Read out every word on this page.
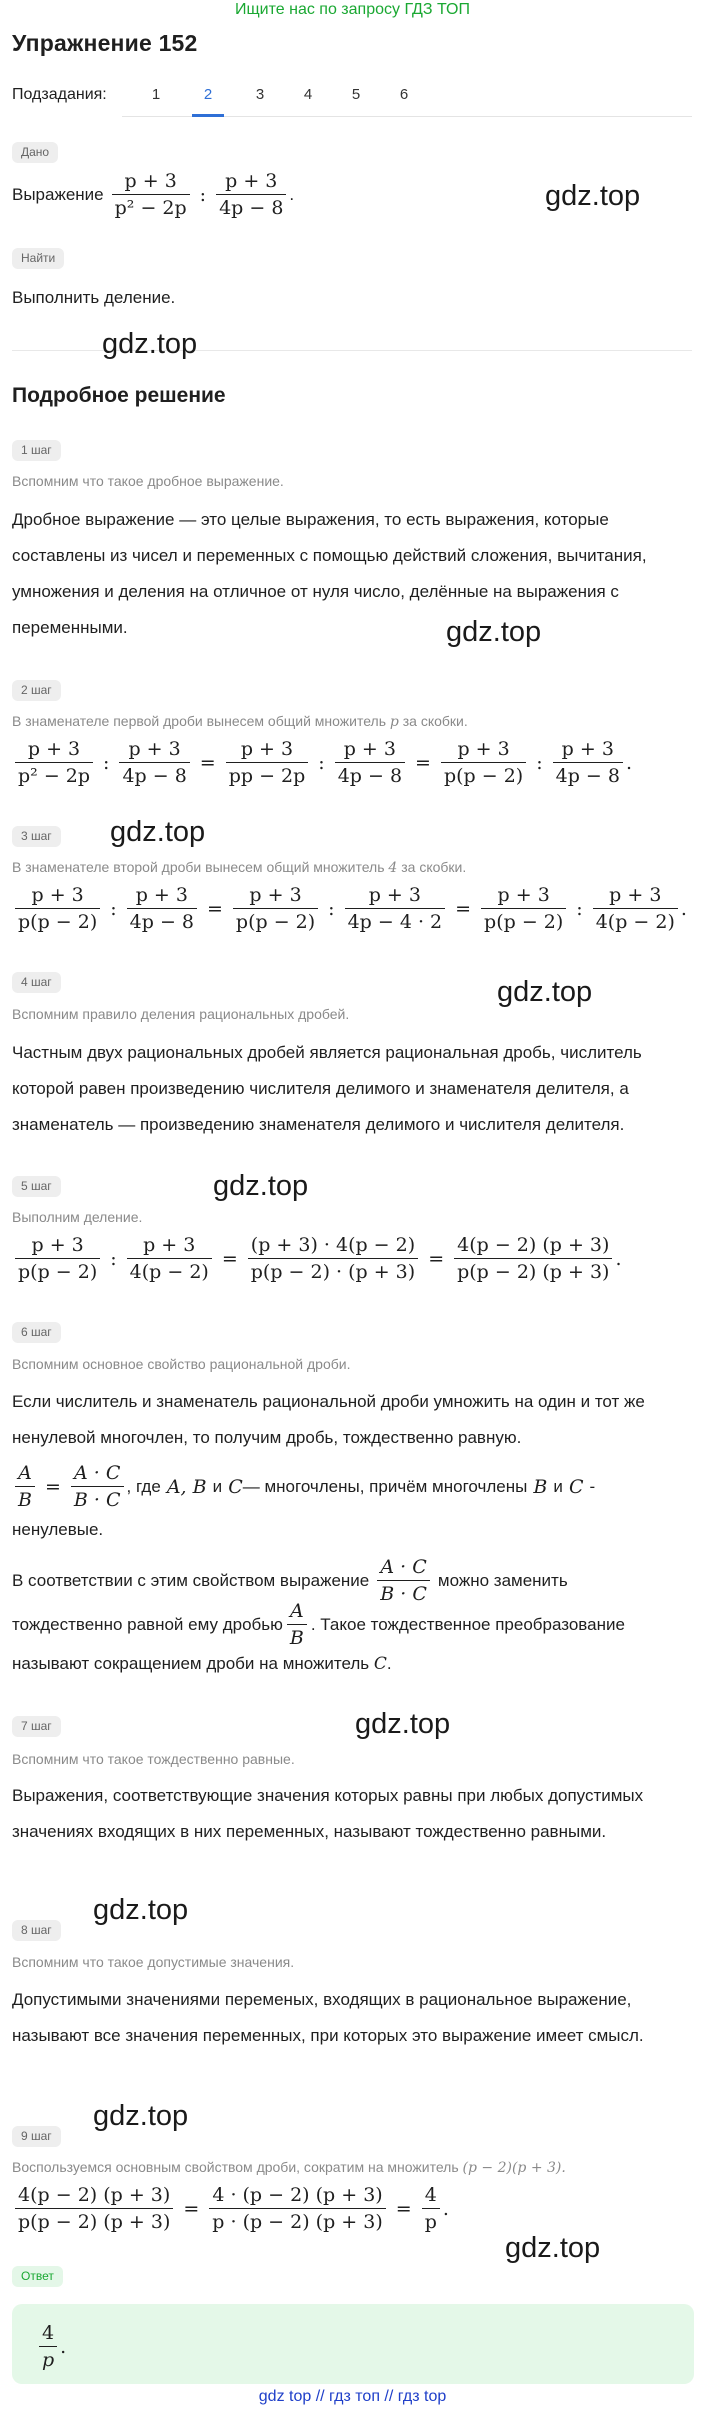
Ищите нас по запросу ГДЗ ТОП
Упражнение 152
Подзадания:	1	2	3	4	5	6
Дано
Выражение $\frac{p + 3}{\text{p² − 2p}}$ : $\frac{p + 3}{4p - 8}$ .	gdz.top
Найти
Выполнить деление.
gdz.top
Подробное решение
1 шаг
Вспомним что такое дробное выражение.
Дробное выражение — это целые выражения, то есть выражения, которые составлены из чисел и переменных с помощью действий сложения, вычитания, умножения и деления на отличное от нуля число, делённые на выражения с переменными.	gdz.top
2 шаг
В знаменателе первой дроби вынесем общий множитель p за скобки.
$\frac{p + 3}{\text{p² − 2p}}$ : $\frac{p + 3}{4p - 8} = \frac{p + 3}{pp - 2p}$ : $\frac{p + 3}{4p - 8} = \frac{p + 3}{p(p - 2)}$ : $\frac{p + 3}{4p - 8}$ .
3 шаг	gdz.top
В знаменателе второй дроби вынесем общий множитель 4 за скобки.
$\frac{p + 3}{p(p - 2)}$ : $\frac{p + 3}{4p - 8} = \frac{p + 3}{p(p - 2)}$ : $\frac{p + 3}{4p - 4 \cdot 2} = \frac{p + 3}{p(p - 2)}$ : $\frac{p + 3}{4(p - 2)}$ .
4 шаг	gdz.top
Вспомним правило деления рациональных дробей.
Частным двух рациональных дробей является рациональная дробь, числитель которой равен произведению числителя делимого и знаменателя делителя, а знаменатель — произведению знаменателя делимого и числителя делителя.
5 шаг	gdz.top
Выполним деление.
$\frac{p + 3}{p(p - 2)}$ : $\frac{p + 3}{4(p - 2)} = \frac{(p + 3) \cdot 4(p - 2)}{p(p - 2) \cdot (p + 3)} = \frac{4(p - 2) (p + 3)}{p(p - 2) (p + 3)}$ .
6 шаг
Вспомним основное свойство рациональной дроби.
Если числитель и знаменатель рациональной дроби умножить на один и тот же ненулевой многочлен, то получим дробь, тождественно равную.
$\frac{A}{B} = \frac{A \cdot C}{B \cdot C}$ , где
A, B
и
C — многочлены, причём многочлены
B
и
C
-
ненулевые.
В соответствии с этим свойством выражение $\frac{A \cdot C}{B \cdot C}$ можно заменить
тождественно равной ему дробью $\frac{A}{B}$ . Такое тождественное преобразование
называют сокращением дроби на множитель C.
gdz.top
7 шаг
Вспомним что такое тождественно равные.
Выражения, соответствующие значения которых равны при любых допустимых значениях входящих в них переменных, называют тождественно равными.
8 шаг
gdz.top
Вспомним что такое допустимые значения.
Допустимыми значениями переменых, входящих в рациональное выражение, называют все значения переменных, при которых это выражение имеет смысл.
9 шаг
gdz.top
Воспользуемся основным свойством дроби, сократим на множитель (p − 2)(p + 3).
$\frac{4(p - 2) (p + 3)}{p(p - 2) (p + 3)} = \frac{4 \cdot (p - 2) (p + 3)}{p \cdot (p - 2) (p + 3)} = \frac{4}{p}$ .
gdz.top
Ответ
$\frac{4}{p}$ .
gdz top // гдз топ // гдз top
